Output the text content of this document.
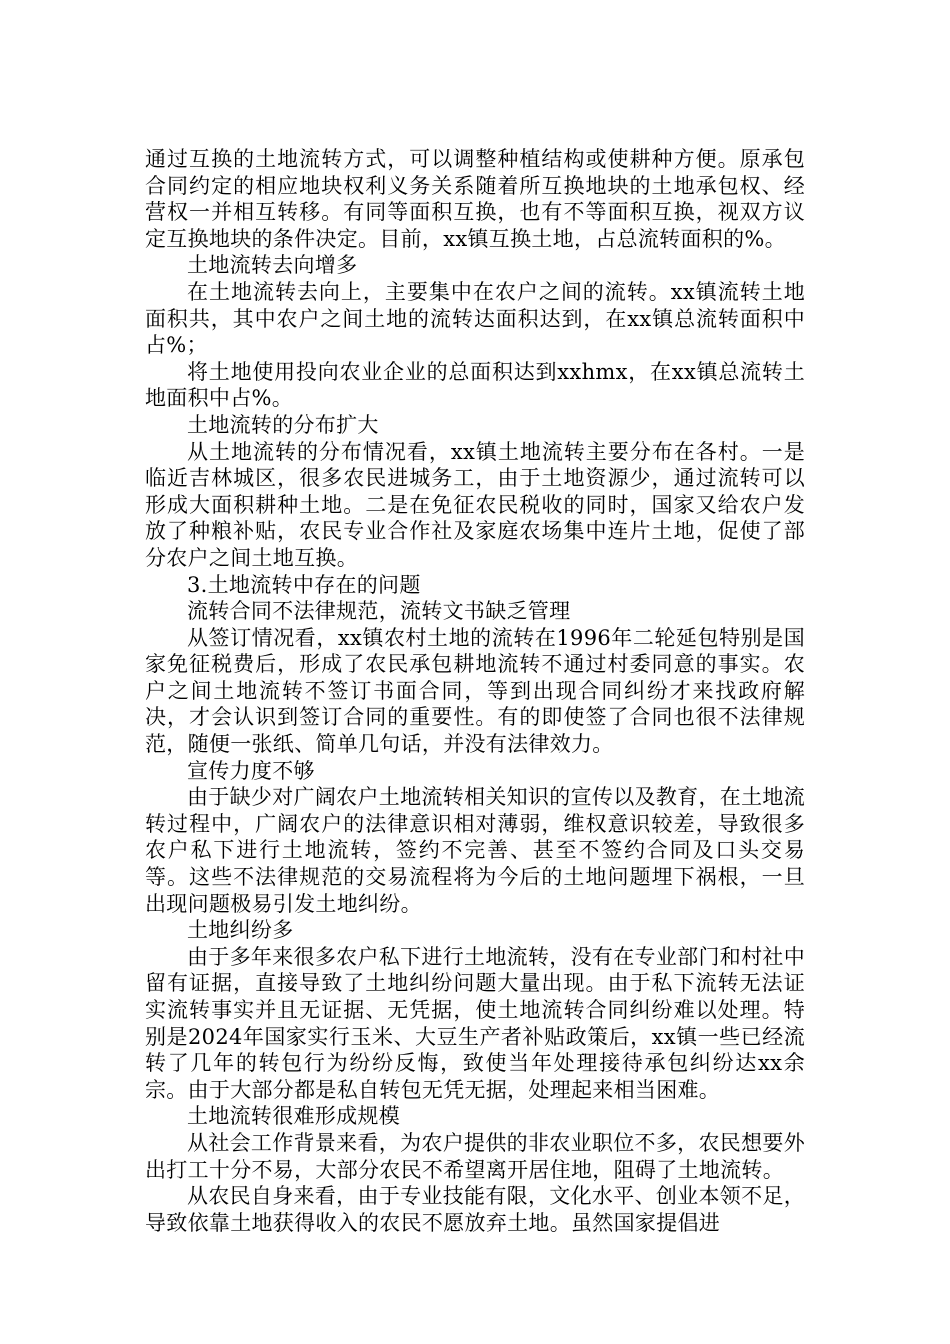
通过互换的土地流转方式，可以调整种植结构或使耕种方便。原承包合同约定的相应地块权利义务关系随着所互换地块的土地承包权、经营权一并相互转移。有同等面积互换，也有不等面积互换，视双方议定互换地块的条件决定。目前，xx镇互换土地，占总流转面积的%。

土地流转去向增多

在土地流转去向上，主要集中在农户之间的流转。xx镇流转土地面积共，其中农户之间土地的流转达面积达到，在xx镇总流转面积中占%；

将土地使用投向农业企业的总面积达到xxhmx，在xx镇总流转土地面积中占%。

土地流转的分布扩大

从土地流转的分布情况看，xx镇土地流转主要分布在各村。一是临近吉林城区，很多农民进城务工，由于土地资源少，通过流转可以形成大面积耕种土地。二是在免征农民税收的同时，国家又给农户发放了种粮补贴，农民专业合作社及家庭农场集中连片土地，促使了部分农户之间土地互换。

3.土地流转中存在的问题

流转合同不法律规范，流转文书缺乏管理

从签订情况看，xx镇农村土地的流转在1996年二轮延包特别是国家免征税费后，形成了农民承包耕地流转不通过村委同意的事实。农户之间土地流转不签订书面合同，等到出现合同纠纷才来找政府解决，才会认识到签订合同的重要性。有的即使签了合同也很不法律规范，随便一张纸、简单几句话，并没有法律效力。

宣传力度不够

由于缺少对广阔农户土地流转相关知识的宣传以及教育，在土地流转过程中，广阔农户的法律意识相对薄弱，维权意识较差，导致很多农户私下进行土地流转，签约不完善、甚至不签约合同及口头交易等。这些不法律规范的交易流程将为今后的土地问题埋下祸根，一旦出现问题极易引发土地纠纷。

土地纠纷多

由于多年来很多农户私下进行土地流转，没有在专业部门和村社中留有证据，直接导致了土地纠纷问题大量出现。由于私下流转无法证实流转事实并且无证据、无凭据，使土地流转合同纠纷难以处理。特别是2024年国家实行玉米、大豆生产者补贴政策后，xx镇一些已经流转了几年的转包行为纷纷反悔，致使当年处理接待承包纠纷达xx余宗。由于大部分都是私自转包无凭无据，处理起来相当困难。

土地流转很难形成规模

从社会工作背景来看，为农户提供的非农业职位不多，农民想要外出打工十分不易，大部分农民不希望离开居住地，阻碍了土地流转。

从农民自身来看，由于专业技能有限，文化水平、创业本领不足，导致依靠土地获得收入的农民不愿放弃土地。虽然国家提倡进
